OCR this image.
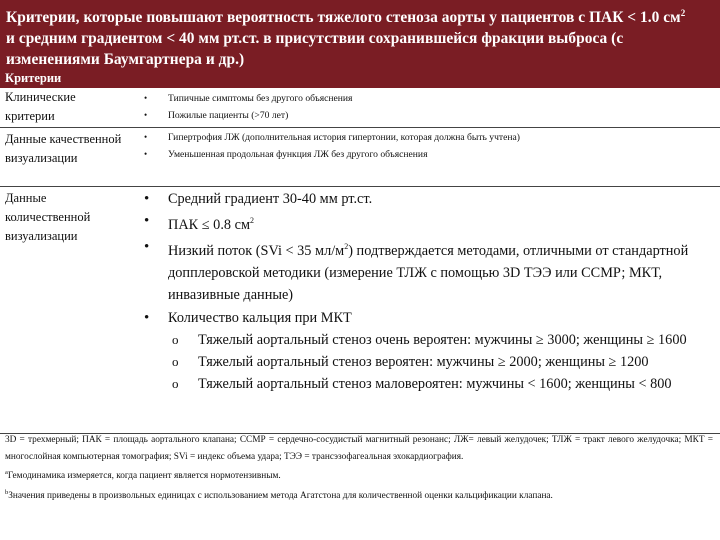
Критерии, которые повышают вероятность тяжелого стеноза аорты у пациентов с ПАК < 1.0 $см^2$
и средним градиентом < 40 мм рт.ст. в присутствии сохранившейся фракции выброса (с
изменениями Баумгартнера и др.)
Критерии
Клинические критерии
• Типичные симптомы без другого объяснения
• Пожилые пациенты (>70 лет)
Данные качественной визуализации
• Гипертрофия ЛЖ (дополнительная история гипертонии, которая должна быть учтена)
• Уменьшенная продольная функция ЛЖ без другого объяснения
Данные количественной визуализации
• Средний градиент 30-40 мм рт.ст.
• ПАК ≤ 0.8 $см^2$
• Низкий поток (SVi < 35 $мл/м^2$) подтверждается методами, отличными от стандартной допплеровской методики (измерение ТЛЖ с помощью 3D ТЭЭ или ССМР; МКТ, инвазивные данные)
• Количество кальция при МКТ
o Тяжелый аортальный стеноз очень вероятен: мужчины ≥ 3000; женщины ≥ 1600
o Тяжелый аортальный стеноз вероятен: мужчины ≥ 2000; женщины ≥ 1200
o Тяжелый аортальный стеноз маловероятен: мужчины < 1600; женщины < 800

3D = трехмерный; ПАК = площадь аортального клапана; ССМР = сердечно-сосудистый магнитный резонанс; ЛЖ= левый желудочек; ТЛЖ = тракт левого желудочка; МКТ = многослойная компьютерная томография; SVi = индекс объема удара; ТЭЭ = трансэзофагеальная эхокардиография.

$^a$Гемодинамика измеряется, когда пациент является нормотензивным.

$^b$Значения приведены в произвольных единицах с использованием метода Агатстона для количественной оценки кальцификации клапана.
